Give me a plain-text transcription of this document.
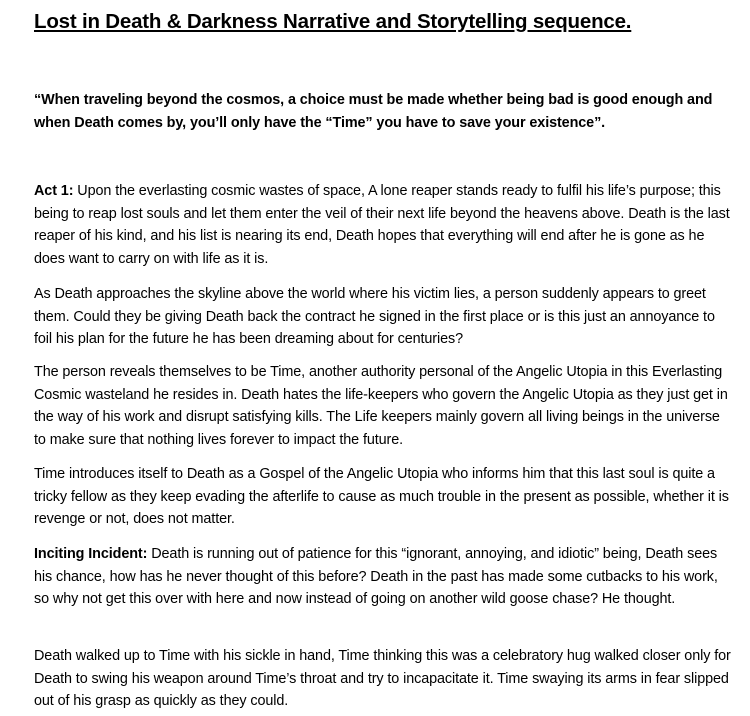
Lost in Death & Darkness Narrative and Storytelling sequence.

“When traveling beyond the cosmos, a choice must be made whether being bad is good enough and when Death comes by, you’ll only have the “Time” you have to save your existence”.

Act 1: Upon the everlasting cosmic wastes of space, A lone reaper stands ready to fulfil his life’s purpose; this being to reap lost souls and let them enter the veil of their next life beyond the heavens above. Death is the last reaper of his kind, and his list is nearing its end, Death hopes that everything will end after he is gone as he does want to carry on with life as it is.

As Death approaches the skyline above the world where his victim lies, a person suddenly appears to greet them. Could they be giving Death back the contract he signed in the first place or is this just an annoyance to foil his plan for the future he has been dreaming about for centuries?

The person reveals themselves to be Time, another authority personal of the Angelic Utopia in this Everlasting Cosmic wasteland he resides in. Death hates the life-keepers who govern the Angelic Utopia as they just get in the way of his work and disrupt satisfying kills. The Life keepers mainly govern all living beings in the universe to make sure that nothing lives forever to impact the future.

Time introduces itself to Death as a Gospel of the Angelic Utopia who informs him that this last soul is quite a tricky fellow as they keep evading the afterlife to cause as much trouble in the present as possible, whether it is revenge or not, does not matter.

Inciting Incident: Death is running out of patience for this “ignorant, annoying, and idiotic” being, Death sees his chance, how has he never thought of this before? Death in the past has made some cutbacks to his work, so why not get this over with here and now instead of going on another wild goose chase? He thought.

Death walked up to Time with his sickle in hand, Time thinking this was a celebratory hug walked closer only for Death to swing his weapon around Time’s throat and try to incapacitate it. Time swaying its arms in fear slipped out of his grasp as quickly as they could.
